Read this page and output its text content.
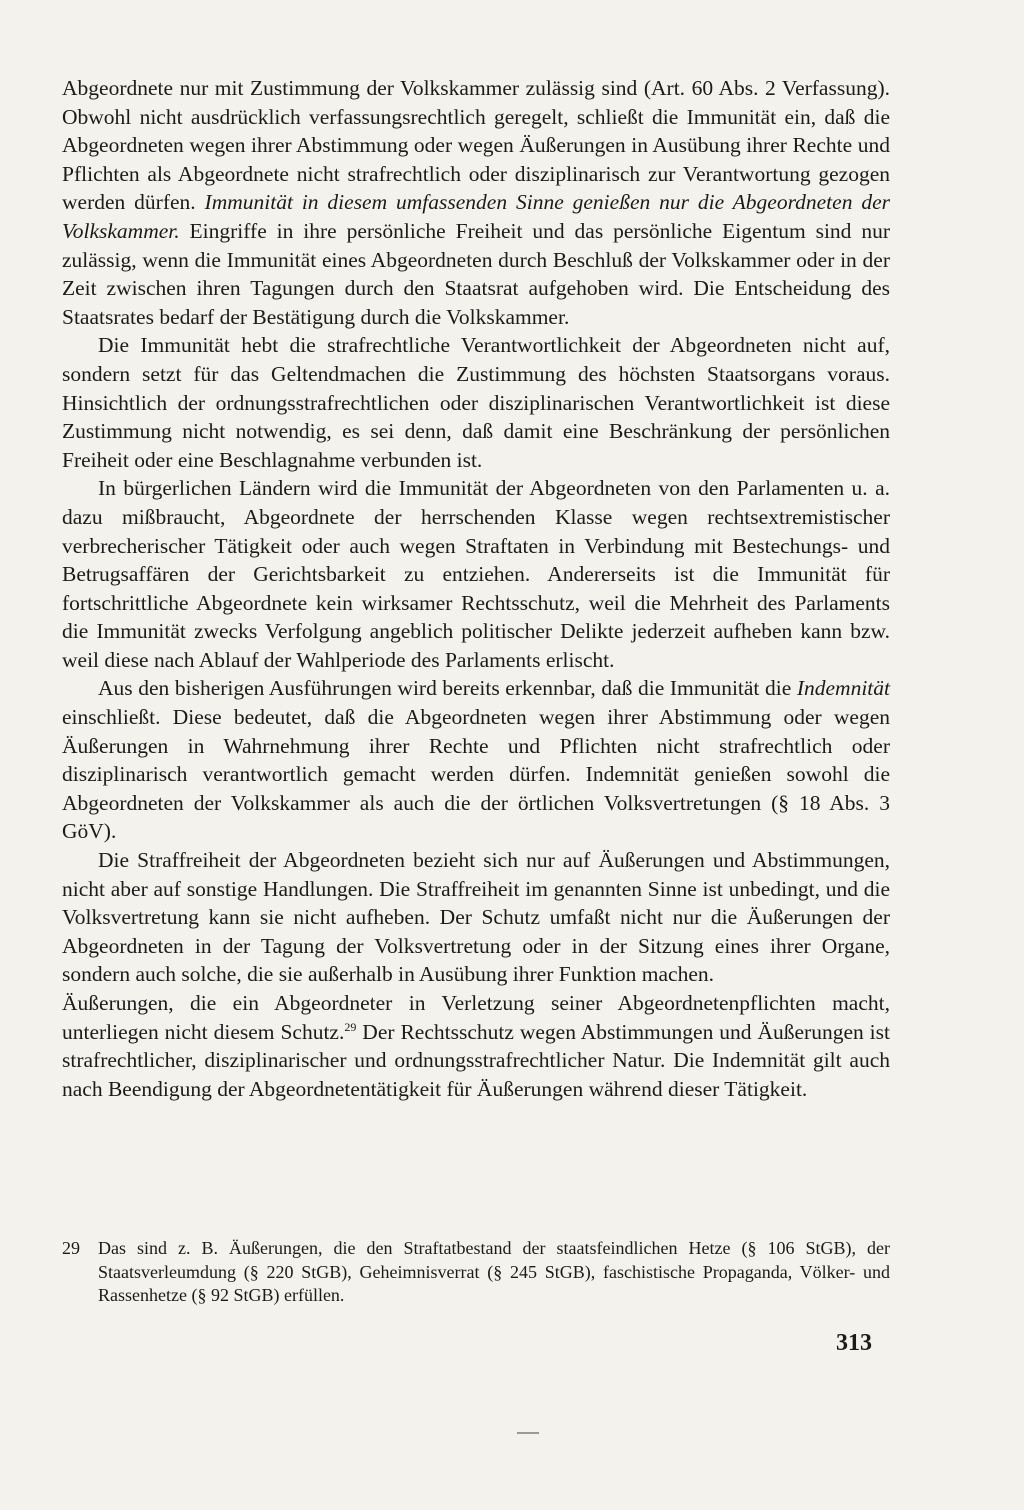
Abgeordnete nur mit Zustimmung der Volkskammer zulässig sind (Art. 60 Abs. 2 Verfassung). Obwohl nicht ausdrücklich verfassungsrechtlich geregelt, schließt die Immunität ein, daß die Abgeordneten wegen ihrer Abstimmung oder wegen Äußerungen in Ausübung ihrer Rechte und Pflichten als Abgeordnete nicht strafrechtlich oder disziplinarisch zur Verantwortung gezogen werden dürfen. Immunität in diesem umfassenden Sinne genießen nur die Abgeordneten der Volkskammer. Eingriffe in ihre persönliche Freiheit und das persönliche Eigentum sind nur zulässig, wenn die Immunität eines Abgeordneten durch Beschluß der Volkskammer oder in der Zeit zwischen ihren Tagungen durch den Staatsrat aufgehoben wird. Die Entscheidung des Staatsrates bedarf der Bestätigung durch die Volkskammer.

Die Immunität hebt die strafrechtliche Verantwortlichkeit der Abgeordneten nicht auf, sondern setzt für das Geltendmachen die Zustimmung des höchsten Staatsorgans voraus. Hinsichtlich der ordnungsstrafrechtlichen oder disziplinarischen Verantwortlichkeit ist diese Zustimmung nicht notwendig, es sei denn, daß damit eine Beschränkung der persönlichen Freiheit oder eine Beschlagnahme verbunden ist.

In bürgerlichen Ländern wird die Immunität der Abgeordneten von den Parlamenten u. a. dazu mißbraucht, Abgeordnete der herrschenden Klasse wegen rechtsextremistischer verbrecherischer Tätigkeit oder auch wegen Straftaten in Verbindung mit Bestechungs- und Betrugsaffären der Gerichtsbarkeit zu entziehen. Andererseits ist die Immunität für fortschrittliche Abgeordnete kein wirksamer Rechtsschutz, weil die Mehrheit des Parlaments die Immunität zwecks Verfolgung angeblich politischer Delikte jederzeit aufheben kann bzw. weil diese nach Ablauf der Wahlperiode des Parlaments erlischt.

Aus den bisherigen Ausführungen wird bereits erkennbar, daß die Immunität die Indemnität einschließt. Diese bedeutet, daß die Abgeordneten wegen ihrer Abstimmung oder wegen Äußerungen in Wahrnehmung ihrer Rechte und Pflichten nicht strafrechtlich oder disziplinarisch verantwortlich gemacht werden dürfen. Indemnität genießen sowohl die Abgeordneten der Volkskammer als auch die der örtlichen Volksvertretungen (§ 18 Abs. 3 GöV).

Die Straffreiheit der Abgeordneten bezieht sich nur auf Äußerungen und Abstimmungen, nicht aber auf sonstige Handlungen. Die Straffreiheit im genannten Sinne ist unbedingt, und die Volksvertretung kann sie nicht aufheben. Der Schutz umfaßt nicht nur die Äußerungen der Abgeordneten in der Tagung der Volksvertretung oder in der Sitzung eines ihrer Organe, sondern auch solche, die sie außerhalb in Ausübung ihrer Funktion machen.

Äußerungen, die ein Abgeordneter in Verletzung seiner Abgeordnetenpflichten macht, unterliegen nicht diesem Schutz.$^{29}$ Der Rechtsschutz wegen Abstimmungen und Äußerungen ist strafrechtlicher, disziplinarischer und ordnungsstrafrechtlicher Natur. Die Indemnität gilt auch nach Beendigung der Abgeordnetentätigkeit für Äußerungen während dieser Tätigkeit.

29	Das sind z. B. Äußerungen, die den Straftatbestand der staatsfeindlichen Hetze (§ 106 StGB), der Staatsverleumdung (§ 220 StGB), Geheimnisverrat (§ 245 StGB), faschistische Propaganda, Völker- und Rassenhetze (§ 92 StGB) erfüllen.
313
